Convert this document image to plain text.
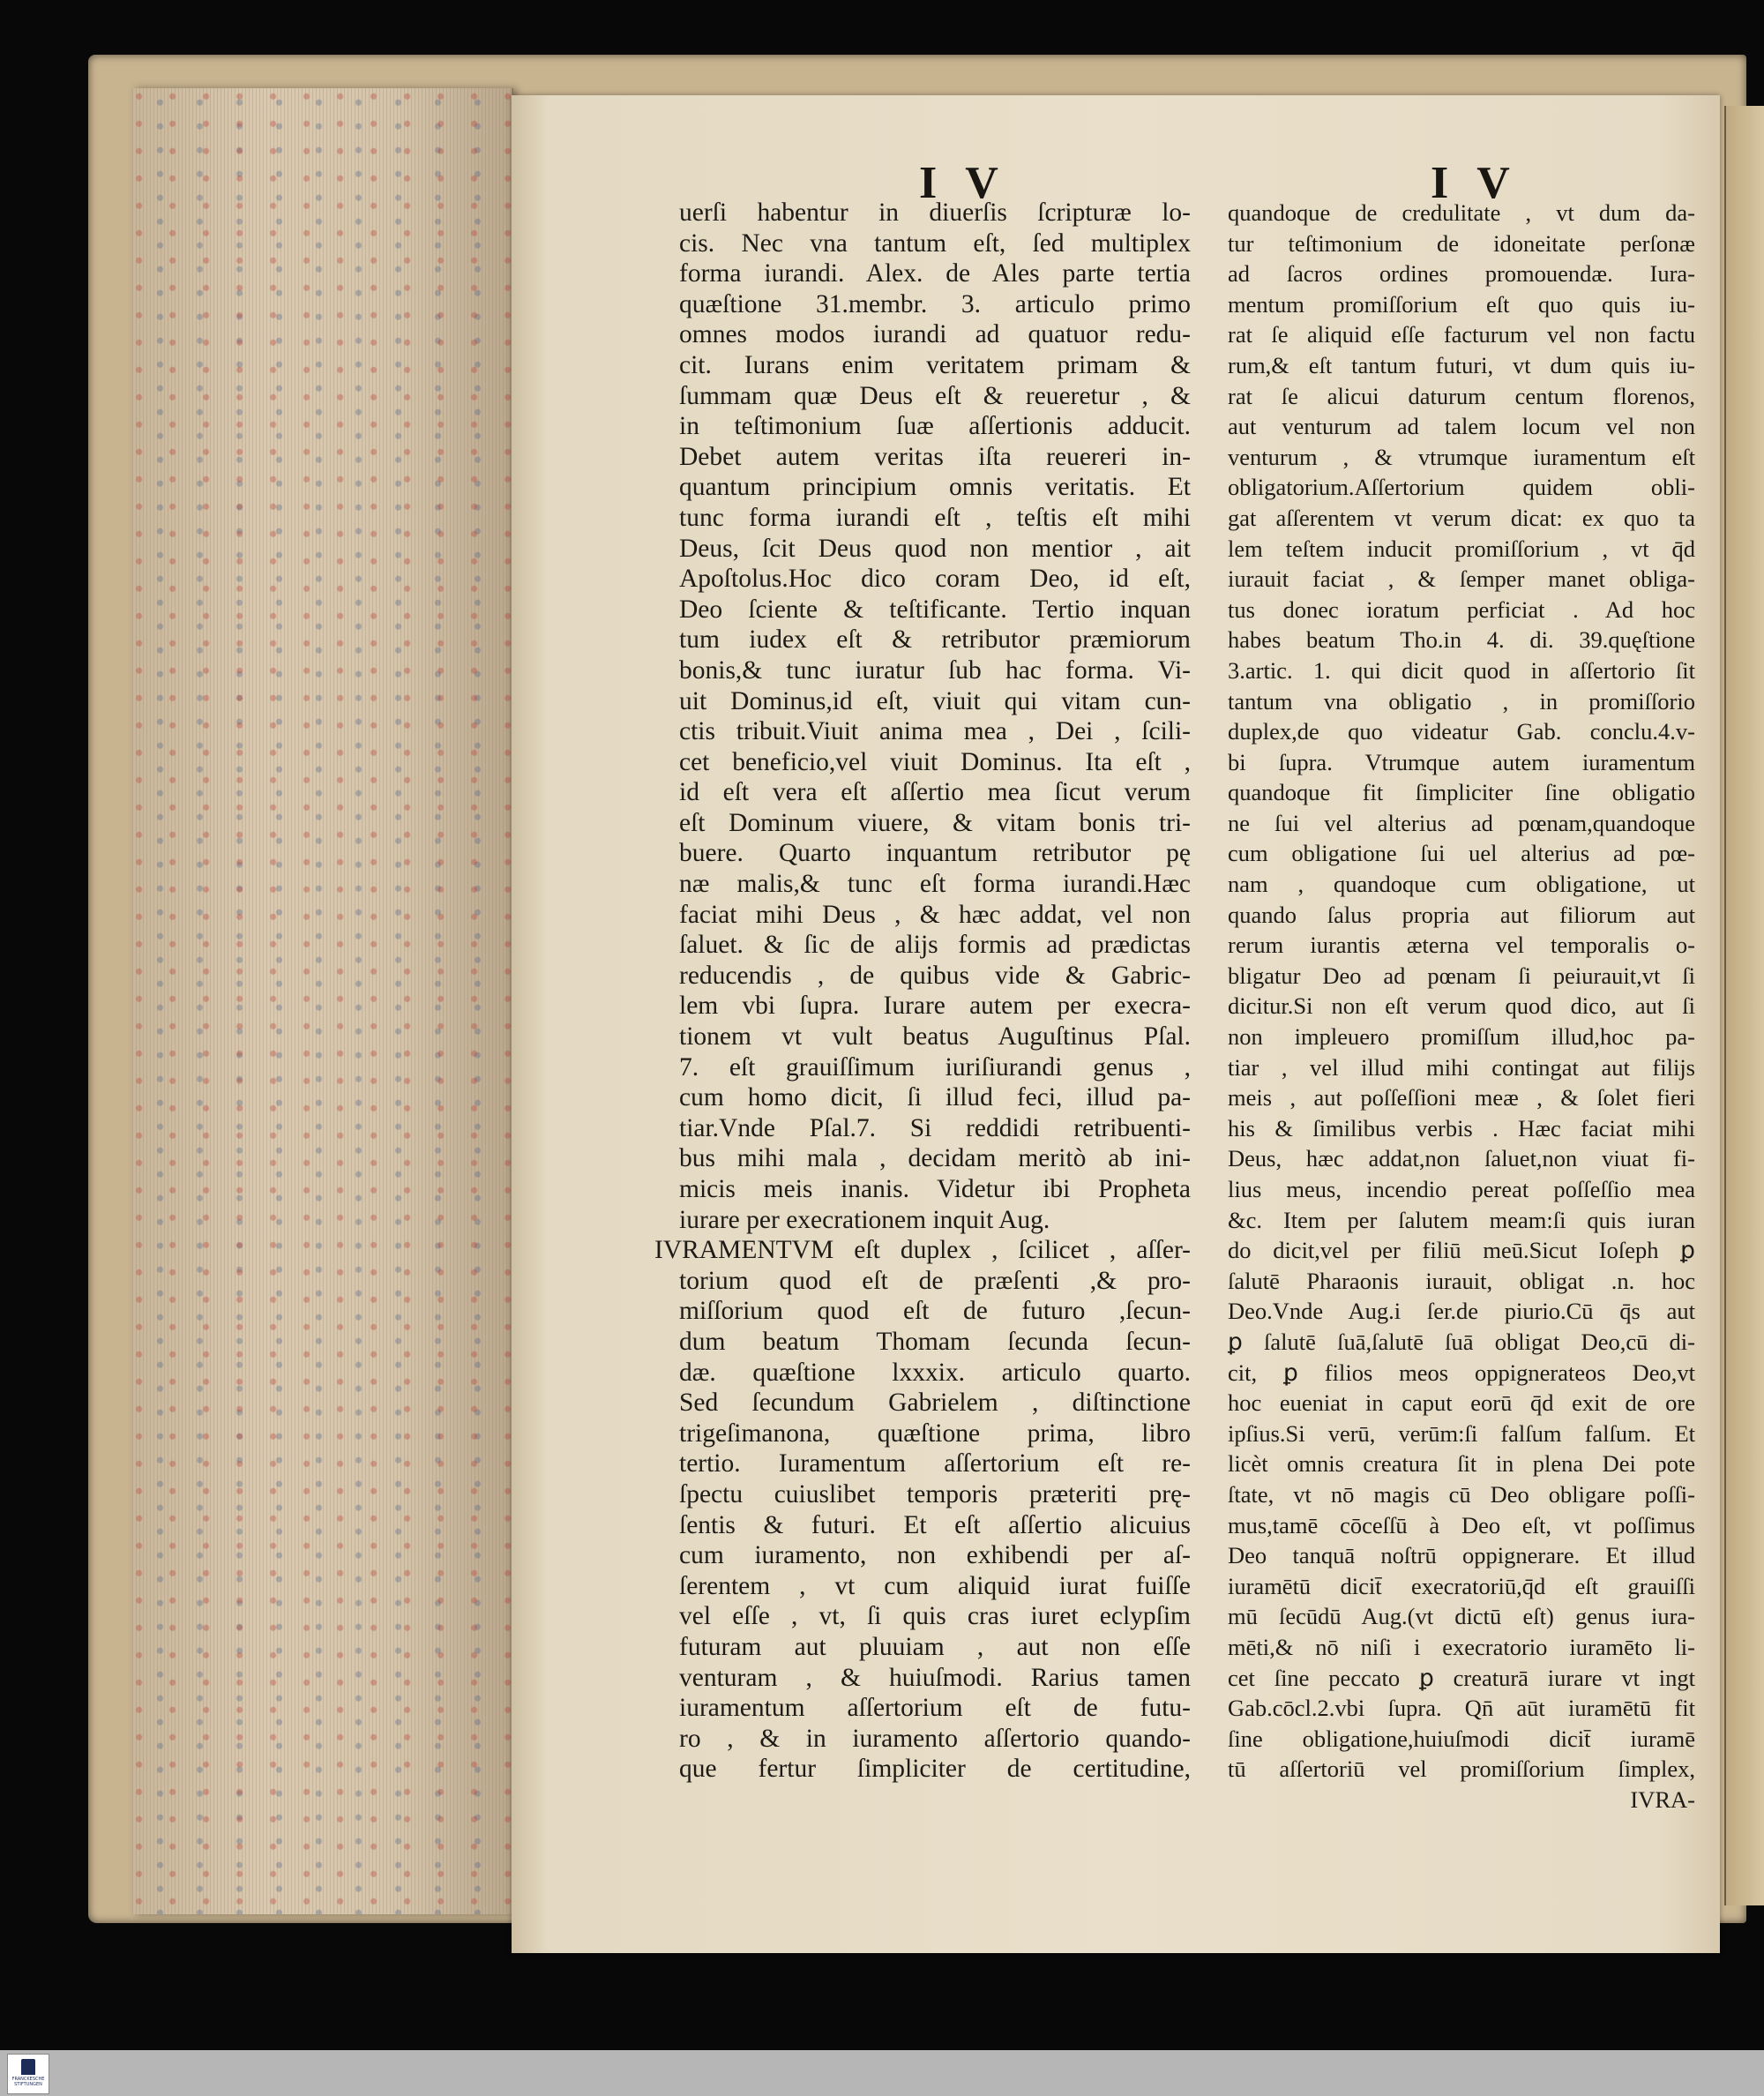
I V	I V
uerſi habentur in diuerſis ſcripturæ lo-
cis. Nec vna tantum eſt, ſed multiplex
forma iurandi. Alex. de Ales parte tertia
quæſtione 31.membr. 3. articulo primo
omnes modos iurandi ad quatuor redu-
cit. Iurans enim veritatem primam &
ſummam quæ Deus eſt & reueretur , &
in teſtimonium ſuæ aſſertionis adducit.
Debet autem veritas iſta reuereri in-
quantum principium omnis veritatis. Et
tunc forma iurandi eſt , teſtis eſt mihi
Deus, ſcit Deus quod non mentior , ait
Apoſtolus.Hoc dico coram Deo, id eſt,
Deo ſciente & teſtificante. Tertio inquan
tum iudex eſt & retributor præmiorum
bonis,& tunc iuratur ſub hac forma. Vi-
uit Dominus,id eſt, viuit qui vitam cun-
ctis tribuit.Viuit anima mea , Dei , ſcili-
cet beneficio,vel viuit Dominus. Ita eſt ,
id eſt vera eſt aſſertio mea ſicut verum
eſt Dominum viuere, & vitam bonis tri-
buere. Quarto inquantum retributor pę
næ malis,& tunc eſt forma iurandi.Hæc
faciat mihi Deus , & hæc addat, vel non
ſaluet. & ſic de alijs formis ad prædictas
reducendis , de quibus vide & Gabric-
lem vbi ſupra. Iurare autem per execra-
tionem vt vult beatus Auguſtinus Pſal.
7. eſt grauiſſimum iuriſiurandi genus ,
cum homo dicit, ſi illud feci, illud pa-
tiar.Vnde Pſal.7. Si reddidi retribuenti-
bus mihi mala , decidam meritò ab ini-
micis meis inanis. Videtur ibi Propheta
iurare per execrationem inquit Aug.
IVRAMENTVM eſt duplex , ſcilicet , aſſer-
torium quod eſt de præſenti ,& pro-
miſſorium quod eſt de futuro ,ſecun-
dum beatum Thomam ſecunda ſecun-
dæ. quæſtione lxxxix. articulo quarto.
Sed ſecundum Gabrielem , diſtinctione
trigeſimanona, quæſtione prima, libro
tertio. Iuramentum aſſertorium eſt re-
ſpectu cuiuslibet temporis præteriti prę-
ſentis & futuri. Et eſt aſſertio alicuius
cum iuramento, non exhibendi per aſ-
ſerentem , vt cum aliquid iurat fuiſſe
vel eſſe , vt, ſi quis cras iuret eclypſim
futuram aut pluuiam , aut non eſſe
venturam , & huiuſmodi. Rarius tamen
iuramentum aſſertorium eſt de futu-
ro , & in iuramento aſſertorio quando-
que fertur ſimpliciter de certitudine,
quandoque de credulitate , vt dum da-
tur teſtimonium de idoneitate perſonæ
ad ſacros ordines promouendæ. Iura-
mentum promiſſorium eſt quo quis iu-
rat ſe aliquid eſſe facturum vel non factu
rum,& eſt tantum futuri, vt dum quis iu-
rat ſe alicui daturum centum florenos,
aut venturum ad talem locum vel non
venturum , & vtrumque iuramentum eſt
obligatorium.Aſſertorium quidem obli-
gat aſſerentem vt verum dicat: ex quo ta
lem teſtem inducit promiſſorium , vt q̄d
iurauit faciat , & ſemper manet obliga-
tus donec ioratum perficiat . Ad hoc
habes beatum Tho.in 4. di. 39.quęſtione
3.artic. 1. qui dicit quod in aſſertorio ſit
tantum vna obligatio , in promiſſorio
duplex,de quo videatur Gab. conclu.4.v-
bi ſupra. Vtrumque autem iuramentum
quandoque fit ſimpliciter ſine obligatio
ne ſui vel alterius ad pœnam,quandoque
cum obligatione ſui uel alterius ad pœ-
nam , quandoque cum obligatione, ut
quando ſalus propria aut filiorum aut
rerum iurantis æterna vel temporalis o-
bligatur Deo ad pœnam ſi peiurauit,vt ſi
dicitur.Si non eſt verum quod dico, aut ſi
non impleuero promiſſum illud,hoc pa-
tiar , vel illud mihi contingat aut filijs
meis , aut poſſeſſioni meæ , & ſolet fieri
his & ſimilibus verbis . Hæc faciat mihi
Deus, hæc addat,non ſaluet,non viuat fi-
lius meus, incendio pereat poſſeſſio mea
&c. Item per ſalutem meam:ſi quis iuran
do dicit,vel per filiū meū.Sicut Ioſeph ꝑ
ſalutē Pharaonis iurauit, obligat .n. hoc
Deo.Vnde Aug.i ſer.de piurio.Cū q̄s aut
ꝑ ſalutē ſuā,ſalutē ſuā obligat Deo,cū di-
cit, ꝑ filios meos oppignerateos Deo,vt
hoc eueniat in caput eorū q̄d exit de ore
ipſius.Si verū, verūm:ſi falſum falſum. Et
licèt omnis creatura ſit in plena Dei pote
ſtate, vt nō magis cū Deo obligare poſſi-
mus,tamē cōceſſū à Deo eſt, vt poſſimus
Deo tanquā noſtrū oppignerare. Et illud
iuramētū dicit̄ execratoriū,q̄d eſt grauiſſi
mū ſecūdū Aug.(vt dictū eſt) genus iura-
mēti,& nō niſi i execratorio iuramēto li-
cet ſine peccato ꝑ creaturā iurare vt ingt
Gab.cōcl.2.vbi ſupra. Qn̄ aūt iuramētū fit
ſine obligatione,huiuſmodi dicit̄ iuramē
tū aſſertoriū vel promiſſorium ſimplex,
IVRA-
FRANCKESCHE STIFTUNGEN
